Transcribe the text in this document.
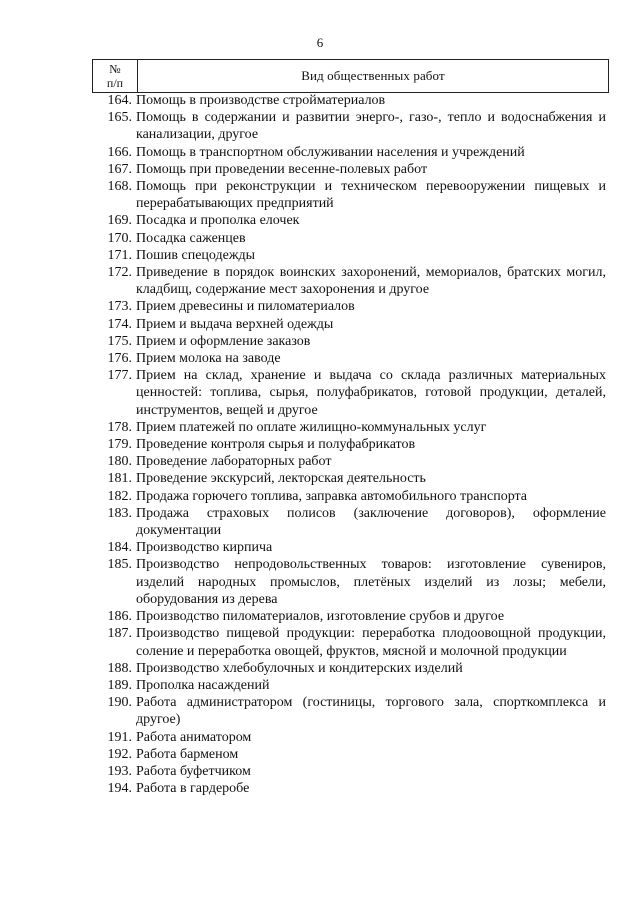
6
№
п/п	Вид общественных работ
164. Помощь в производстве стройматериалов
165. Помощь в содержании и развитии энерго-, газо-, тепло и водоснабжения и канализации, другое
166. Помощь в транспортном обслуживании населения и учреждений
167. Помощь при проведении весенне-полевых работ
168. Помощь при реконструкции и техническом перевооружении пищевых и перерабатывающих предприятий
169. Посадка и прополка елочек
170. Посадка саженцев
171. Пошив спецодежды
172. Приведение в порядок воинских захоронений, мемориалов, братских могил, кладбищ, содержание мест захоронения и другое
173. Прием древесины и пиломатериалов
174. Прием и выдача верхней одежды
175. Прием и оформление заказов
176. Прием молока на заводе
177. Прием на склад, хранение и выдача со склада различных материальных ценностей: топлива, сырья, полуфабрикатов, готовой продукции, деталей, инструментов, вещей и другое
178. Прием платежей по оплате жилищно-коммунальных услуг
179. Проведение контроля сырья и полуфабрикатов
180. Проведение лабораторных работ
181. Проведение экскурсий, лекторская деятельность
182. Продажа горючего топлива, заправка автомобильного транспорта
183. Продажа страховых полисов (заключение договоров), оформление документации
184. Производство кирпича
185. Производство непродовольственных товаров: изготовление сувениров, изделий народных промыслов, плетёных изделий из лозы; мебели, оборудования из дерева
186. Производство пиломатериалов, изготовление срубов и другое
187. Производство пищевой продукции: переработка плодоовощной продукции, соление и переработка овощей, фруктов, мясной и молочной продукции
188. Производство хлебобулочных и кондитерских изделий
189. Прополка насаждений
190. Работа администратором (гостиницы, торгового зала, спорткомплекса и другое)
191. Работа аниматором
192. Работа барменом
193. Работа буфетчиком
194. Работа в гардеробе
